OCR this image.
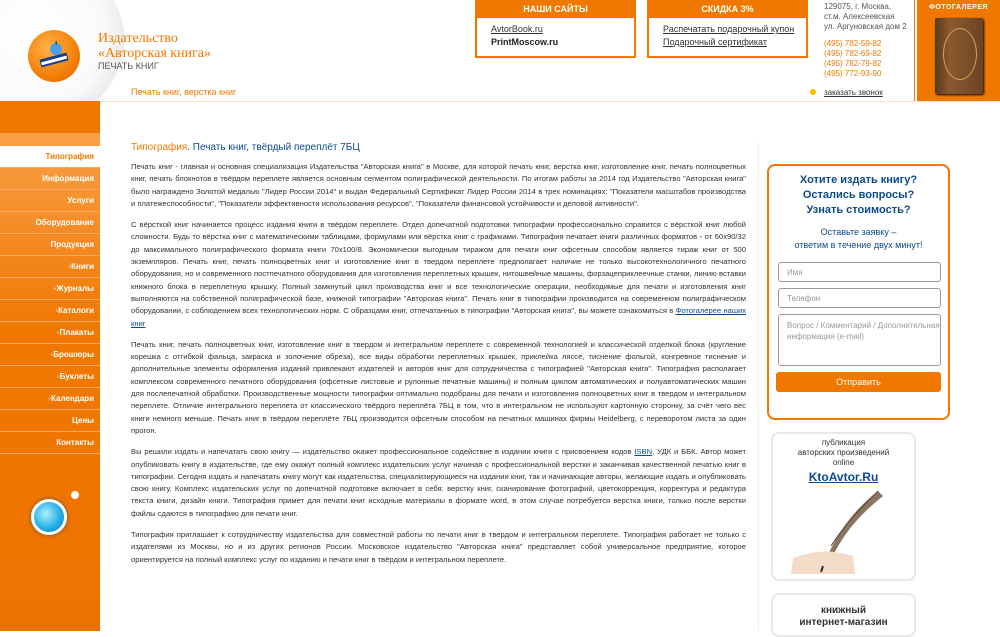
Издательство
«Авторская книга»
ПЕЧАТЬ КНИГ
Печать книг, верстка книг
НАШИ САЙТЫ
AvtorBook.ru
PrintMoscow.ru
СКИДКА 3%
Распечатать подарочный купон
Подарочный сертификат
129075, г. Москва,
ст.м. Алексеевская
ул. Аргуновская дом 2
(495) 782-59-82
(495) 782-69-82
(495) 782-79-82
(495) 772-93-90
заказать звонок
ФОТОГАЛЕРЕЯ
Типография
Информация
Услуги
Оборудование
Продукция
◦ Книги
◦ Журналы
◦ Каталоги
◦ Плакаты
◦ Брошюры
◦ Буклеты
◦ Календари
Цены
Контакты
Типография. Печать книг, твёрдый переплёт 7БЦ

Печать книг - главная и основная специализация Издательства "Авторская книга" в Москве, для которой печать книг, верстка книг, изготовление книг, печать полноцветных книг, печать блокнотов в твёрдом переплете является основным сегментом полиграфической деятельности. По итогам работы за 2014 год Издательство "Авторская книга" было награждено Золотой медалью "Лидер России 2014" и выдан Федеральный Сертификат Лидер России 2014 в трех номинациях: "Показатели масштабов производства и платежеспособности", "Показатели эффективности использования ресурсов", "Показатели финансовой устойчивости и деловой активности".

С вёрсткой книг начинается процесс издания книги в твёрдом переплете. Отдел допечатной подготовки типографии профессионально справится с вёрсткой книг любой сложности. Будь то вёрстка книг с математическими таблицами, формулами или вёрстка книг с графиками. Типография печатает книги различных форматов - от 60x90/32 до максимального полиграфического формата книги 70x100/8. Экономически выгодным тиражом для печати книг офсетным способом является тираж книг от 500 экземпляров. Печать книг, печать полноцветных книг и изготовление книг в твердом переплете предполагает наличие не только высокотехнологичного печатного оборудования, но и современного постпечатного оборудования для изготовления переплетных крышек, нитошвейные машины, форзацеприклеечные станки, линию вставки книжного блока в переплетную крышку. Полный замкнутый цикл производства книг и все технологические операции, необходимые для печати и изготовления книг выполняются на собственной полиграфической базе, книжной типографии "Авторская книга". Печать книг в типографии производится на современном полиграфическом оборудовании, с соблюдением всех технологических норм. С образцами книг, отпечатанных в типографии "Авторская книга", вы можете ознакомиться в Фотогалерее наших книг

Печать книг, печать полноцветных книг, изготовление книг в твердом и интегральном переплете с современной технологией и классической отделкой блока (кругление корешка с отгибкой фальца, закраска и золочение обреза), все виды обработки переплетных крышек, приклейка ляссе, тиснение фольгой, конгревное тиснение и дополнительные элементы оформления изданий привлекают издателей и авторов книг для сотрудничества с типографией "Авторская книга". Типография располагает комплексом современного печатного оборудования (офсетные листовые и рулонные печатные машины) и полным циклом автоматических и полуавтоматических машин для послепечатной обработки. Производственные мощности типографии оптимально подобраны для печати и изготовления полноцветных книг в твердом и интегральном переплете. Отличие интегрального переплета от классического твёрдого переплёта 7БЦ в том, что в интегральном не используют картонную сторонку, за счёт чего вес книги немного меньше. Печать книг в твёрдом переплёте 7БЦ производится офсетным способом на печатных машинах фирмы Heidelberg, с переворотом листа за один прогон.

Вы решили издать и напечатать свою книгу — издательство окажет профессиональное содействие в издании книги с присвоением кодов ISBN, УДК и ББК. Автор может опубликовать книгу в издательстве, где ему окажут полный комплекс издательских услуг начиная с профессиональной верстки и заканчивая качественной печатью книг в типографии. Сегодня издать и напечатать книгу могут как издательства, специализирующиеся на издании книг, так и начинающие авторы, желающие издать и опубликовать свою книгу. Комплекс издательских услуг по допечатной подготовке включает в себя: верстку книг, сканирование фотографий, цветокоррекция, корректура и редактура текста книги, дизайн книги. Типография примет для печати книг исходные материалы в формате word, в этом случае потребуется верстка книги, только после верстки файлы сдаются в типографию для печати книг.

Типография приглашает к сотрудничеству издательства для совместной работы по печати книг в твердом и интегральном переплете. Типография работает не только с издателями из Москвы, но и из других регионов России. Московское издательство "Авторская книга" представляет собой универсальное предприятие, которое ориентируется на полный комплекс услуг по изданию и печати книг в твёрдом и интегральном переплете.

Хотите издать книгу?
Остались вопросы?
Узнать стоимость?
Оставьте заявку –
ответим в течение двух минут!
Имя
Телефон
Вопрос / Комментарий / Дополнительная информация (e-mail)
Отправить
публикация
авторских произведений
online
KtoAvtor.Ru
книжный
интернет-магазин
